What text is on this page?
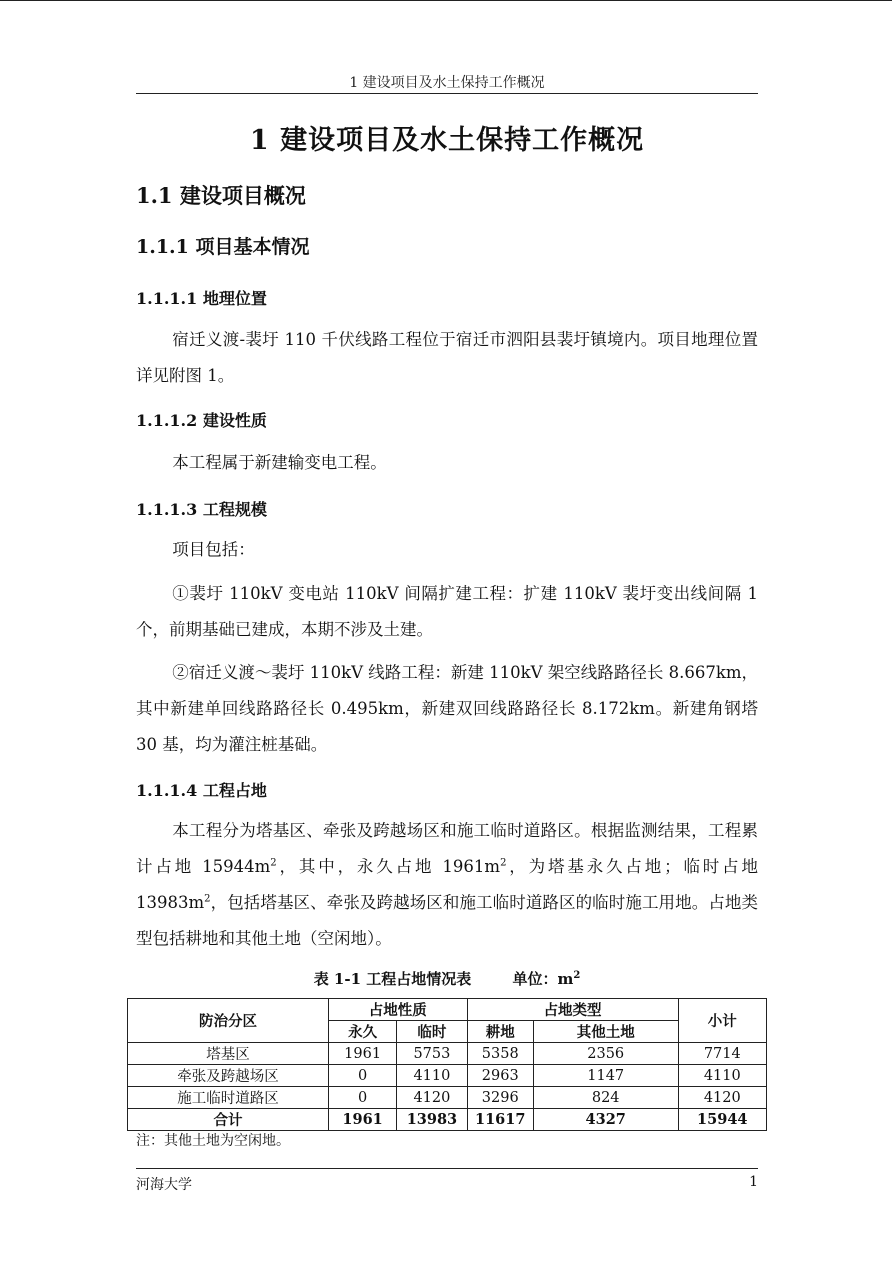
1 建设项目及水土保持工作概况
1 建设项目及水土保持工作概况
1.1 建设项目概况
1.1.1 项目基本情况
1.1.1.1 地理位置
宿迁义渡-裴圩 110 千伏线路工程位于宿迁市泗阳县裴圩镇境内。项目地理位置详见附图 1。
1.1.1.2 建设性质
本工程属于新建输变电工程。
1.1.1.3 工程规模
项目包括：
①裴圩 110kV 变电站 110kV 间隔扩建工程：扩建 110kV 裴圩变出线间隔 1 个，前期基础已建成，本期不涉及土建。
②宿迁义渡～裴圩 110kV 线路工程：新建 110kV 架空线路路径长 8.667km，其中新建单回线路路径长 0.495km，新建双回线路路径长 8.172km。新建角钢塔 30 基，均为灌注桩基础。
1.1.1.4 工程占地
本工程分为塔基区、牵张及跨越场区和施工临时道路区。根据监测结果，工程累计占地 $15944m^2$，其中，永久占地 $1961m^2$，为塔基永久占地；临时占地 $13983m^2$，包括塔基区、牵张及跨越场区和施工临时道路区的临时施工用地。占地类型包括耕地和其他土地（空闲地）。
表 1-1 工程占地情况表	单位：$m^2$
防治分区	占地性质		占地类型		小计
	永久	临时	耕地	其他土地	
塔基区	1961	5753	5358	2356	7714
牵张及跨越场区	0	4110	2963	1147	4110
施工临时道路区	0	4120	3296	824	4120
合计	1961	13983	11617	4327	15944
注：其他土地为空闲地。
河海大学	1
